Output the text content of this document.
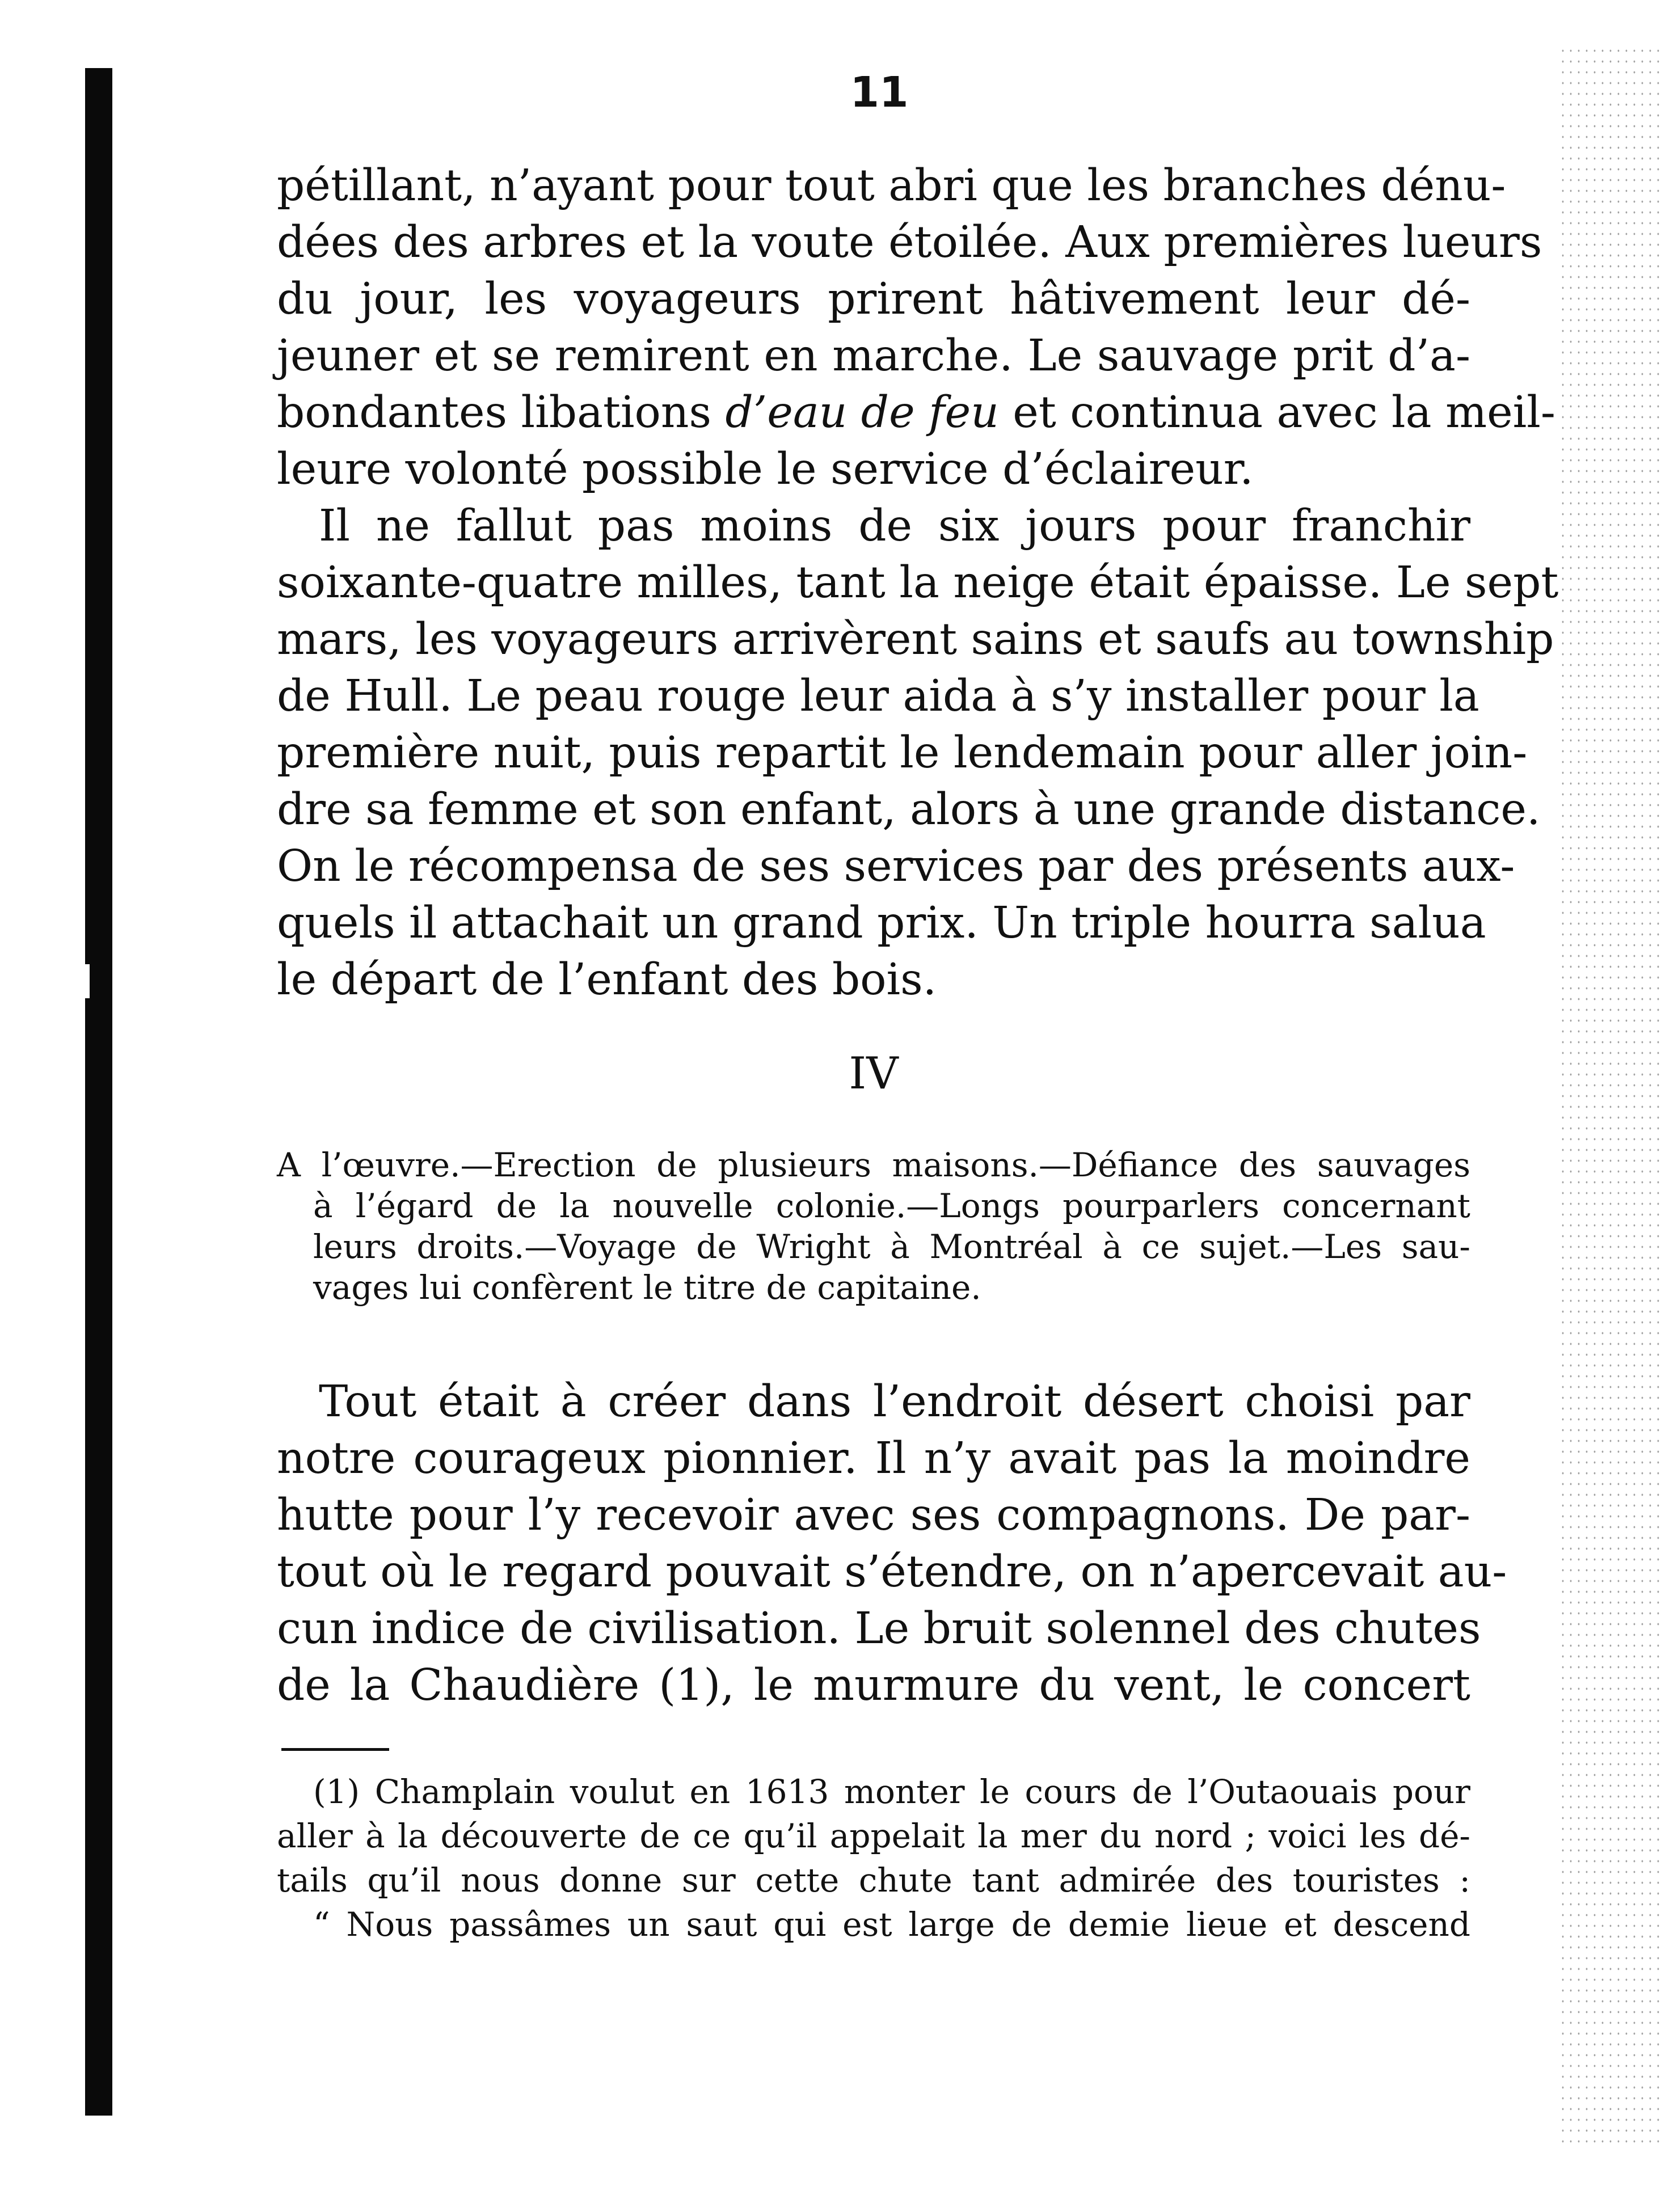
11
pétillant, n’ayant pour tout abri que les branches dénu-
dées des arbres et la voute étoilée. Aux premières lueurs
du jour, les voyageurs prirent hâtivement leur dé-
jeuner et se remirent en marche. Le sauvage prit d’a-
bondantes libations d’eau de feu et continua avec la meil-
leure volonté possible le service d’éclaireur.
Il ne fallut pas moins de six jours pour franchir
soixante-quatre milles, tant la neige était épaisse. Le sept
mars, les voyageurs arrivèrent sains et saufs au township
de Hull. Le peau rouge leur aida à s’y installer pour la
première nuit, puis repartit le lendemain pour aller join-
dre sa femme et son enfant, alors à une grande distance.
On le récompensa de ses services par des présents aux-
quels il attachait un grand prix. Un triple hourra salua
le départ de l’enfant des bois.
IV
A l’œuvre.—Erection de plusieurs maisons.—Défiance des sauvages
à l’égard de la nouvelle colonie.—Longs pourparlers concernant
leurs droits.—Voyage de Wright à Montréal à ce sujet.—Les sau-
vages lui confèrent le titre de capitaine.
Tout était à créer dans l’endroit désert choisi par
notre courageux pionnier. Il n’y avait pas la moindre
hutte pour l’y recevoir avec ses compagnons. De par-
tout où le regard pouvait s’étendre, on n’apercevait au-
cun indice de civilisation. Le bruit solennel des chutes
de la Chaudière (1), le murmure du vent, le concert
(1) Champlain voulut en 1613 monter le cours de l’Outaouais pour
aller à la découverte de ce qu’il appelait la mer du nord ; voici les dé-
tails qu’il nous donne sur cette chute tant admirée des touristes :
“ Nous passâmes un saut qui est large de demie lieue et descend
